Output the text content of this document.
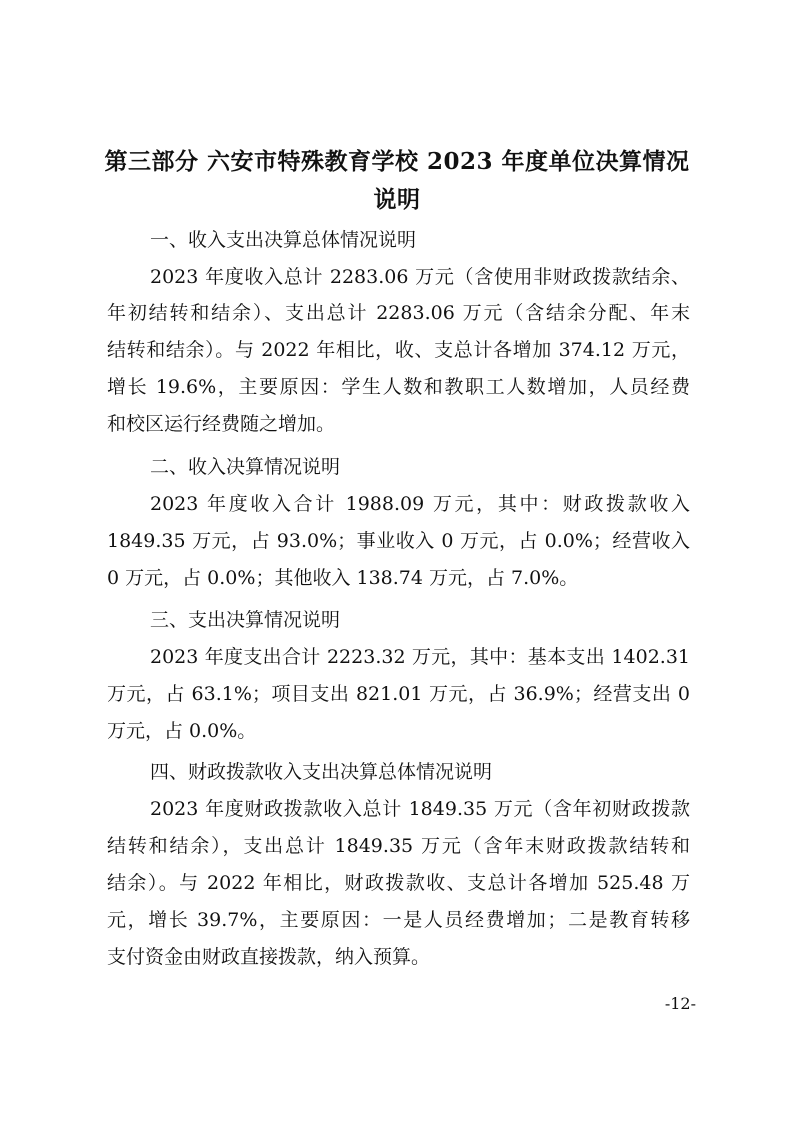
第三部分 六安市特殊教育学校 2023 年度单位决算情况
说明
一、收入支出决算总体情况说明
2023 年度收入总计 2283.06 万元（含使用非财政拨款结余、
年初结转和结余）、支出总计 2283.06 万元（含结余分配、年末
结转和结余）。与 2022 年相比，收、支总计各增加 374.12 万元，
增长 19.6%，主要原因：学生人数和教职工人数增加，人员经费
和校区运行经费随之增加。
二、收入决算情况说明
2023 年度收入合计 1988.09 万元，其中：财政拨款收入
1849.35 万元，占 93.0%；事业收入 0 万元，占 0.0%；经营收入
0 万元，占 0.0%；其他收入 138.74 万元，占 7.0%。
三、支出决算情况说明
2023 年度支出合计 2223.32 万元，其中：基本支出 1402.31
万元，占 63.1%；项目支出 821.01 万元，占 36.9%；经营支出 0
万元，占 0.0%。
四、财政拨款收入支出决算总体情况说明
2023 年度财政拨款收入总计 1849.35 万元（含年初财政拨款
结转和结余），支出总计 1849.35 万元（含年末财政拨款结转和
结余）。与 2022 年相比，财政拨款收、支总计各增加 525.48 万
元，增长 39.7%，主要原因：一是人员经费增加；二是教育转移
支付资金由财政直接拨款，纳入预算。
-12-
